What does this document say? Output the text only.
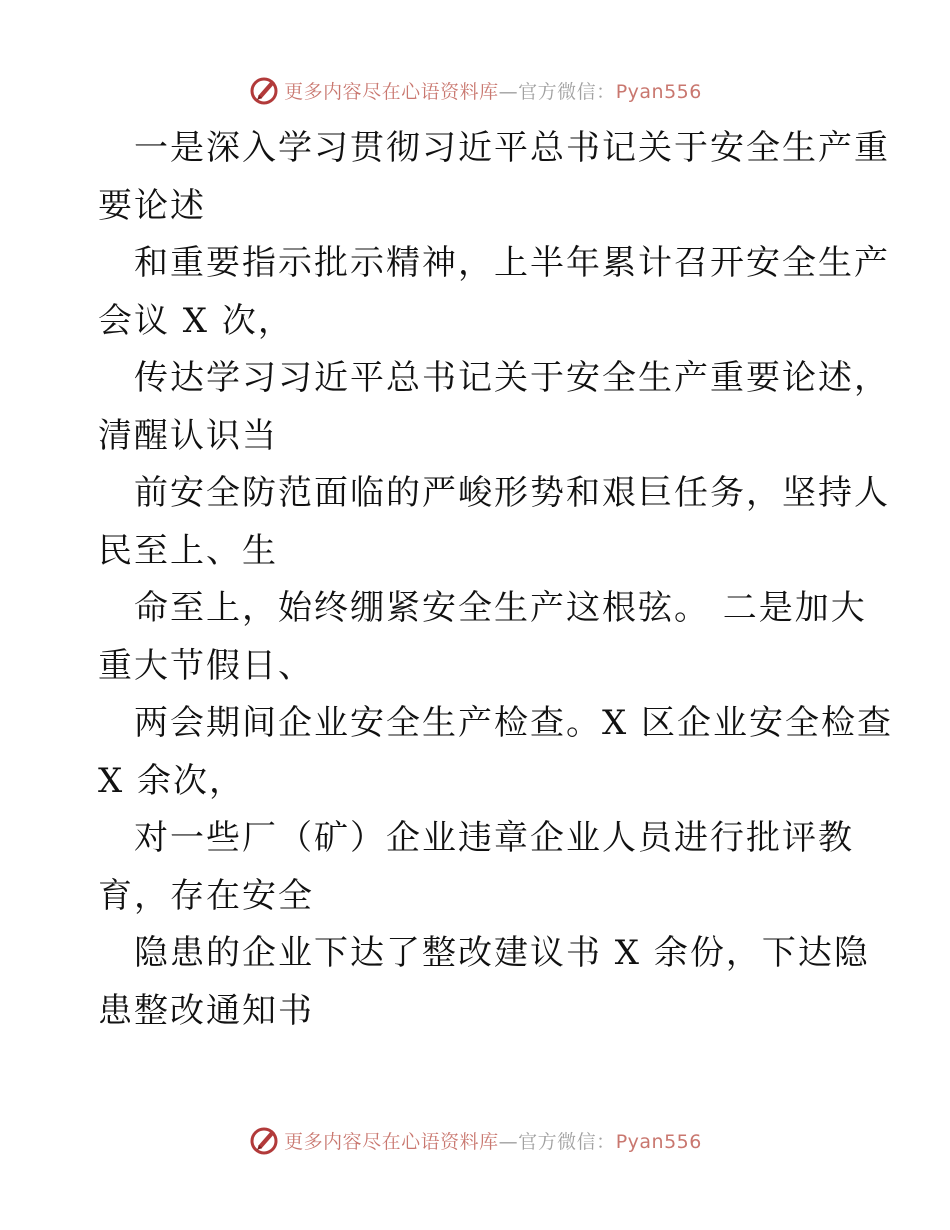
更多内容尽在心语资料库—官方微信：Pyan556

一是深入学习贯彻习近平总书记关于安全生产重

要论述

和重要指示批示精神，上半年累计召开安全生产

会议 X 次，

传达学习习近平总书记关于安全生产重要论述，

清醒认识当

前安全防范面临的严峻形势和艰巨任务，坚持人

民至上、生

命至上，始终绷紧安全生产这根弦。 二是加大

重大节假日、

两会期间企业安全生产检查。X 区企业安全检查

X 余次，

对一些厂（矿）企业违章企业人员进行批评教

育，存在安全

隐患的企业下达了整改建议书 X 余份，下达隐

患整改通知书

更多内容尽在心语资料库—官方微信：Pyan556
